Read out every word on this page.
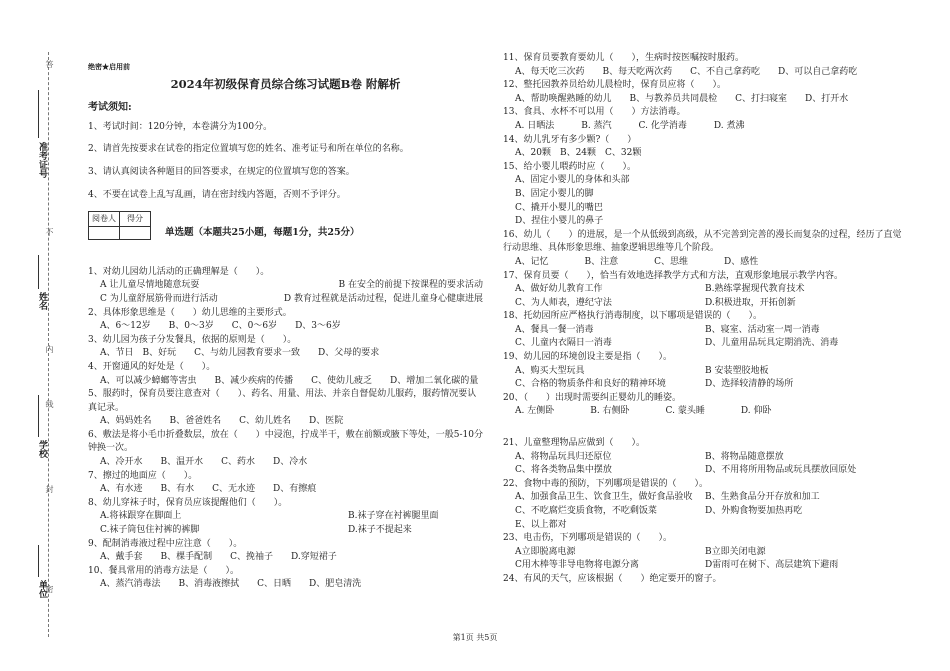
准考证号
姓名
学校
单位
答
不
内
线
封
密
绝密★启用前
2024年初级保育员综合练习试题B卷 附解析
考试须知:
1、考试时间：120分钟，本卷满分为100分。
2、请首先按要求在试卷的指定位置填写您的姓名、准考证号和所在单位的名称。
3、请认真阅读各种题目的回答要求，在规定的位置填写您的答案。
4、不要在试卷上乱写乱画，请在密封线内答题，否则不予评分。
阅卷人	得分

单选题（本题共25小题，每题1分，共25分）
1、对幼儿园幼儿活动的正确理解是（　　）。
A 让儿童尽情地随意玩耍	B 在安全的前提下按课程的要求活动
C 为儿童舒展筋骨而进行活动	D 教育过程就是活动过程，促进儿童身心健康进展
2、具体形象思维是（　　）幼儿思维的主要形式。
A、6～12岁　　B、0～3岁　　C、0～6岁　　D、3～6岁
3、幼儿园为孩子分发餐具，依据的原则是（　　）。
A、节日　B、好玩　　C、与幼儿园教育要求一致　　D、父母的要求
4、开窗通风的好处是（　　）。
A、可以减少蟑螂等害虫　　B、减少疾病的传播　　C、使幼儿疲乏　　D、增加二氧化碳的量
5、服药时，保育员要注意查对（　　）、药名、用量、用法、并亲自督促幼儿服药，服药情况要认真记录。
A、妈妈姓名　　B、爸爸姓名　　C、幼儿姓名　　D、医院
6、敷法是将小毛巾折叠数层，放在（　　）中浸泡，拧成半干，敷在前额或腋下等处，一般5-10分钟换一次。
A、冷开水　　B、温开水　　C、药水　　D、冷水
7、擦过的地面应（　　）。
A、有水迹　　B、有水　　C、无水迹　　D、有擦痕
8、幼儿穿袜子时，保育员应该提醒他们（　　）。
A.将袜跟穿在脚面上	B.袜子穿在衬裤腿里面
C.袜子筒包住衬裤的裤脚	D.袜子不提起来
9、配制消毒液过程中应注意（　　）。
A、戴手套　　B、棵手配制　　C、挽袖子　　D.穿短裙子
10、餐具常用的消毒方法是（　　）。
A、蒸汽消毒法　　B、消毒液擦拭　　C、日晒　　D、肥皂清洗
11、保育员要教育要幼儿（　　），生病时按医嘱按时服药。
A、每天吃三次药　　B、每天吃两次药　　C、不自己拿药吃　　D、可以自己拿药吃
12、整托园教养员给幼儿晨检时，保育员应将（　　）。
A、帮助唤醒熟睡的幼儿　　B、与教养员共同晨检　　C、打扫寝室　　D、打开水
13、食具、水杯不可以用（　　）方法消毒。
A. 日晒法　　　B. 蒸汽　　　C. 化学消毒　　　D. 煮沸
14、幼儿乳牙有多少颗?（　　）
A、20颗　B、24颗　C、32颗
15、给小婴儿喂药时应（　　）。
A、固定小婴儿的身体和头部
B、固定小婴儿的脚
C、撬开小婴儿的嘴巴
D、捏住小婴儿的鼻子
16、幼儿（　　）的进展，是一个从低级到高级，从不完善到完善的漫长而复杂的过程，经历了直觉行动思维、具体形象思维、抽象逻辑思维等几个阶段。
A、记忆　　　　B、注意　　　　C、思维　　　　D、感性
17、保育员要（　　），恰当有效地选择教学方式和方法，直观形象地展示教学内容。
A、做好幼儿教育工作	B.熟练掌握现代教育技术
C、为人师表，遵纪守法	D.积极进取，开拓创新
18、托幼园所应严格执行消毒制度，以下哪项是错误的（　　）。
A、餐具一餐一消毒	B、寝室、活动室一周一消毒
C、儿童内衣隔日一消毒	D、儿童用品玩具定期消洗、消毒
19、幼儿园的环境创设主要是指（　　）。
A、购买大型玩具	B 安装塑胶地板
C、合格的物质条件和良好的精神环境	D、选择较清静的场所
20、（　　）出现时需要纠正婴幼儿的睡姿。
A. 左侧卧　　　　B. 右侧卧　　　　C. 蒙头睡　　　　D. 仰卧
21、儿童整理物品应做到（　　）。
A、将物品玩具归还原位	B、将物品随意摆放
C、将各类物品集中摆放	D、不用将所用物品或玩具摆放回原处
22、食物中毒的预防，下列哪项是错误的（　　）。
A、加强食品卫生、饮食卫生，做好食品验收	B、生熟食品分开存放和加工
C、不吃腐烂变质食物，不吃剩饭菜	D、外购食物要加热再吃
E、以上都对
23、电击伤，下列哪项是错误的（　　）。
A立即脱离电源	B立即关闭电源
C用木棒等非导电物将电源分离	D雷雨可在树下、高层建筑下避雨
24、有风的天气，应该根据（　　）绝定要开的窗子。
第1页 共5页
